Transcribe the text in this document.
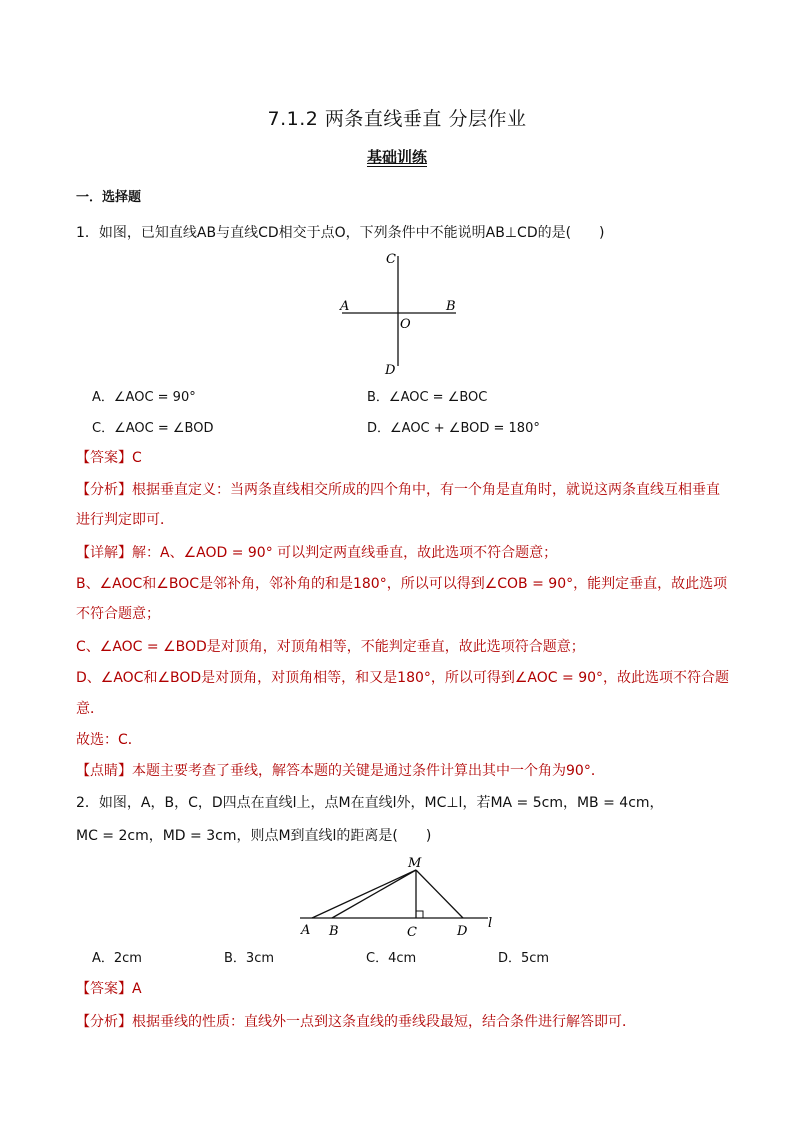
7.1.2 两条直线垂直 分层作业
基础训练
一．选择题
1．如图，已知直线AB与直线CD相交于点O，下列条件中不能说明AB⊥CD的是(　　)
C
A	B
O
D
A．∠AOC = 90°	B．∠AOC = ∠BOC
C．∠AOC = ∠BOD	D．∠AOC + ∠BOD = 180°
【答案】C
【分析】根据垂直定义：当两条直线相交所成的四个角中，有一个角是直角时，就说这两条直线互相垂直
进行判定即可．
【详解】解：A、∠AOD = 90° 可以判定两直线垂直，故此选项不符合题意；
B、∠AOC和∠BOC是邻补角，邻补角的和是180°，所以可以得到∠COB = 90°，能判定垂直，故此选项
不符合题意；
C、∠AOC = ∠BOD是对顶角，对顶角相等，不能判定垂直，故此选项符合题意；
D、∠AOC和∠BOD是对顶角，对顶角相等，和又是180°，所以可得到∠AOC = 90°，故此选项不符合题
意．
故选：C．
【点睛】本题主要考查了垂线，解答本题的关键是通过条件计算出其中一个角为90°．
2．如图，A，B，C，D四点在直线l上，点M在直线l外，MC⊥l，若MA = 5cm，MB = 4cm，
MC = 2cm，MD = 3cm，则点M到直线l的距离是(　　)
M
A B	C	D
l
A．2cm	B．3cm	C．4cm	D．5cm
【答案】A
【分析】根据垂线的性质：直线外一点到这条直线的垂线段最短，结合条件进行解答即可．
